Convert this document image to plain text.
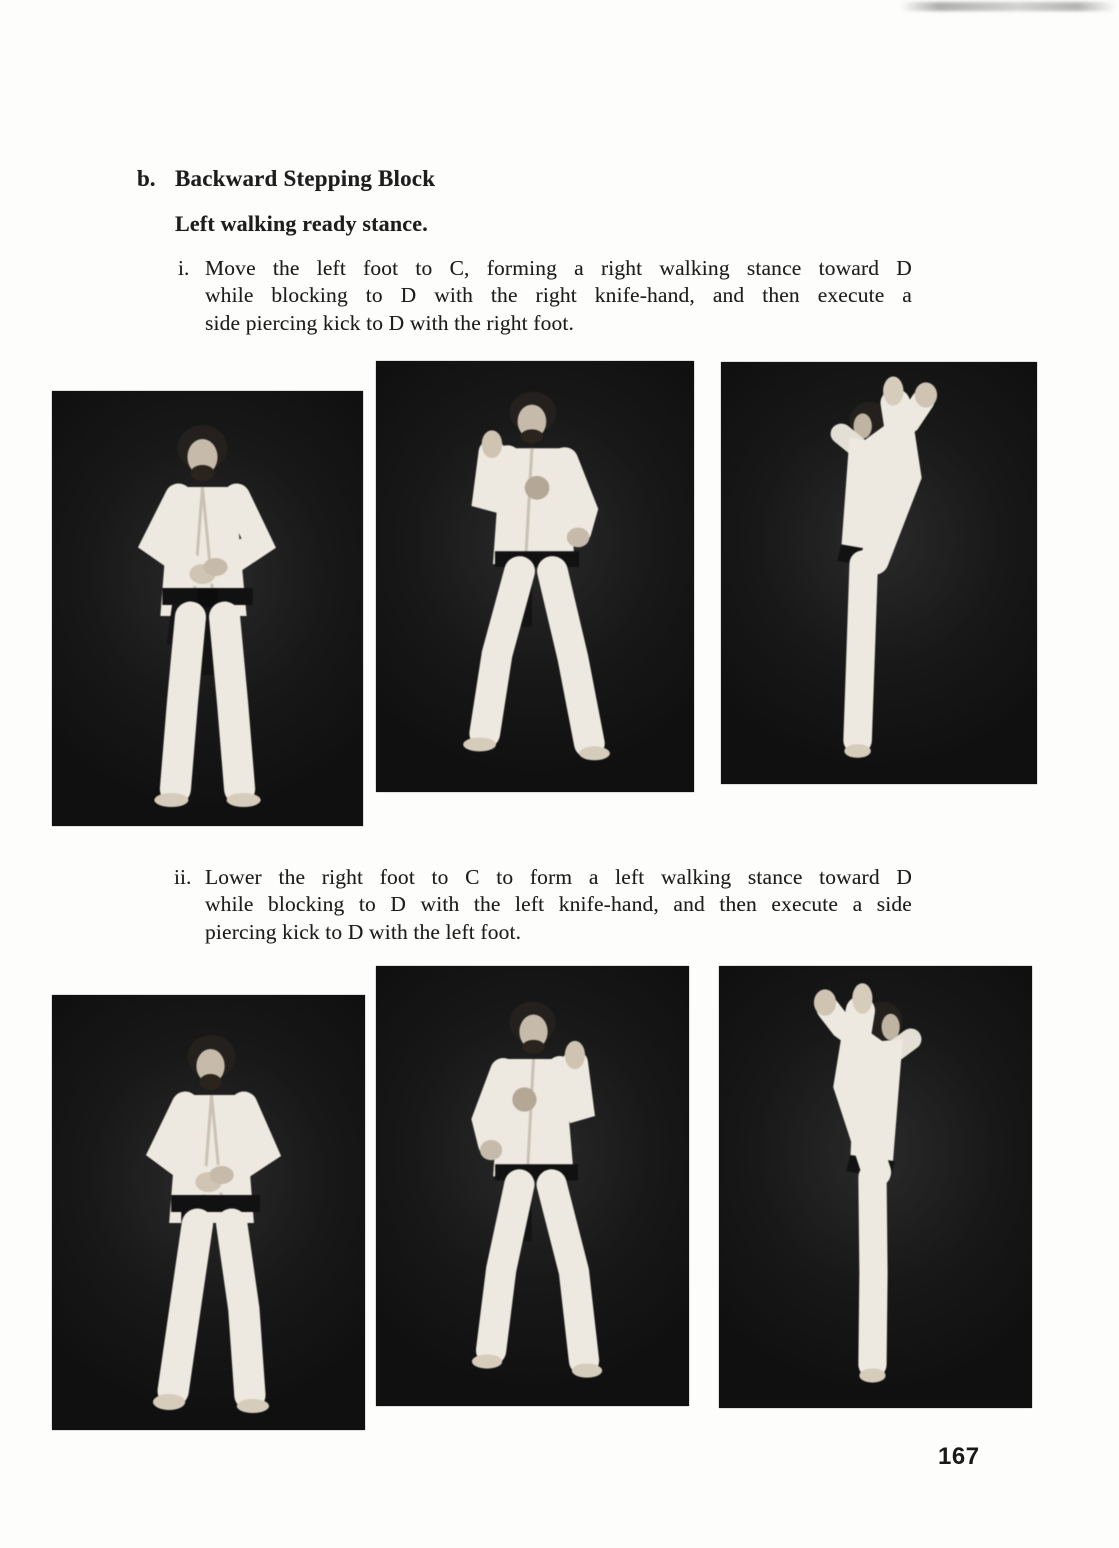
b. Backward Stepping Block
Left walking ready stance.
i. Move the left foot to C, forming a right walking stance toward D
while blocking to D with the right knife-hand, and then execute a
side piercing kick to D with the right foot.
ii. Lower the right foot to C to form a left walking stance toward D
while blocking to D with the left knife-hand, and then execute a side
piercing kick to D with the left foot.
167
